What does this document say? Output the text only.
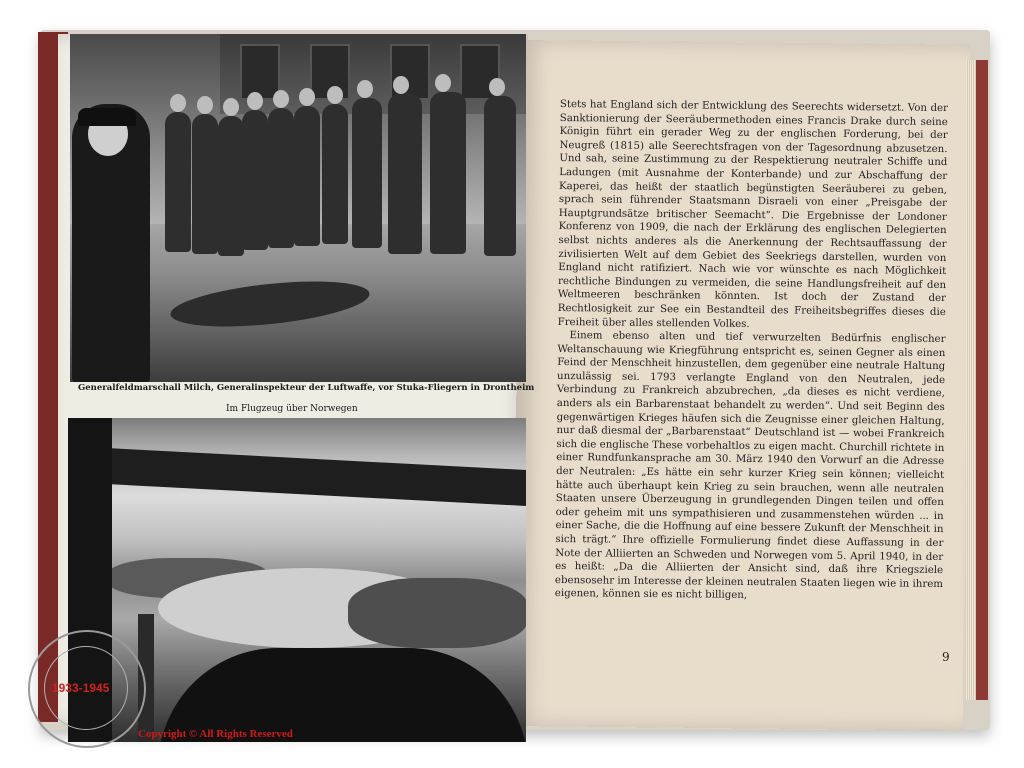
Generalfeldmarschall Milch, Generalinspekteur der Luftwaffe, vor Stuka-Fliegern in Drontheim
Im Flugzeug über Norwegen

Stets hat England sich der Entwicklung des Seerechts widersetzt. Von der Sanktionierung der Seeräubermethoden eines Francis Drake durch seine Königin führt ein gerader Weg zu der englischen Forderung, bei der Neugreß (1815) alle Seerechtsfragen von der Tagesordnung abzusetzen. Und sah, seine Zustimmung zu der Respektierung neutraler Schiffe und Ladungen (mit Ausnahme der Konterbande) und zur Abschaffung der Kaperei, das heißt der staatlich begünstigten Seeräuberei zu geben, sprach sein führender Staatsmann Disraeli von einer „Preisgabe der Hauptgrundsätze britischer Seemacht“. Die Ergebnisse der Londoner Konferenz von 1909, die nach der Erklärung des englischen Delegierten selbst nichts anderes als die Anerkennung der Rechtsauffassung der zivilisierten Welt auf dem Gebiet des Seekriegs darstellen, wurden von England nicht ratifiziert. Nach wie vor wünschte es nach Möglichkeit rechtliche Bindungen zu vermeiden, die seine Handlungsfreiheit auf den Weltmeeren beschränken könnten. Ist doch der Zustand der Rechtlosigkeit zur See ein Bestandteil des Freiheitsbegriffes dieses die Freiheit über alles stellenden Volkes.

Einem ebenso alten und tief verwurzelten Bedürfnis englischer Weltanschauung wie Kriegführung entspricht es, seinen Gegner als einen Feind der Menschheit hinzustellen, dem gegenüber eine neutrale Haltung unzulässig sei. 1793 verlangte England von den Neutralen, jede Verbindung zu Frankreich abzubrechen, „da dieses es nicht verdiene, anders als ein Barbarenstaat behandelt zu werden“. Und seit Beginn des gegenwärtigen Krieges häufen sich die Zeugnisse einer gleichen Haltung, nur daß diesmal der „Barbarenstaat“ Deutschland ist — wobei Frankreich sich die englische These vorbehaltlos zu eigen macht. Churchill richtete in einer Rundfunkansprache am 30. März 1940 den Vorwurf an die Adresse der Neutralen: „Es hätte ein sehr kurzer Krieg sein können; vielleicht hätte auch überhaupt kein Krieg zu sein brauchen, wenn alle neutralen Staaten unsere Überzeugung in grundlegenden Dingen teilen und offen oder geheim mit uns sympathisieren und zusammenstehen würden ... in einer Sache, die die Hoffnung auf eine bessere Zukunft der Menschheit in sich trägt.“ Ihre offizielle Formulierung findet diese Auffassung in der Note der Alliierten an Schweden und Norwegen vom 5. April 1940, in der es heißt: „Da die Alliierten der Ansicht sind, daß ihre Kriegsziele ebensosehr im Interesse der kleinen neutralen Staaten liegen wie in ihrem eigenen, können sie es nicht billigen,

9
1933-1945
Copyright © All Rights Reserved
